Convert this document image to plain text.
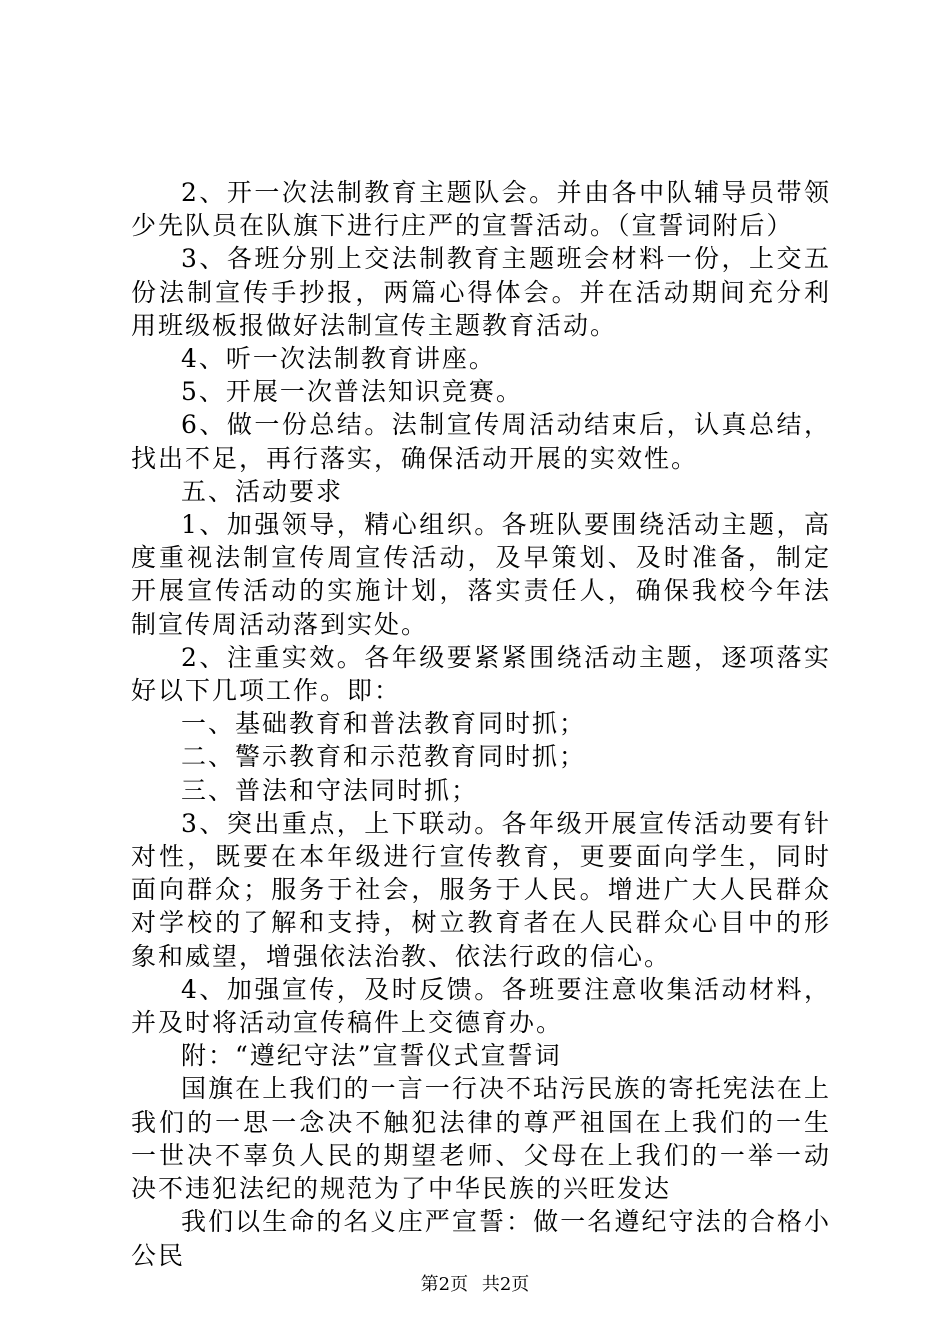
2、开一次法制教育主题队会。并由各中队辅导员带领少先队员在队旗下进行庄严的宣誓活动。（宣誓词附后）

3、各班分别上交法制教育主题班会材料一份，上交五份法制宣传手抄报，两篇心得体会。并在活动期间充分利用班级板报做好法制宣传主题教育活动。

4、听一次法制教育讲座。

5、开展一次普法知识竞赛。

6、做一份总结。法制宣传周活动结束后，认真总结，找出不足，再行落实，确保活动开展的实效性。

五、活动要求

1、加强领导，精心组织。各班队要围绕活动主题，高度重视法制宣传周宣传活动，及早策划、及时准备，制定开展宣传活动的实施计划，落实责任人，确保我校今年法制宣传周活动落到实处。

2、注重实效。各年级要紧紧围绕活动主题，逐项落实好以下几项工作。即：

一、基础教育和普法教育同时抓；

二、警示教育和示范教育同时抓；

三、普法和守法同时抓；

3、突出重点，上下联动。各年级开展宣传活动要有针对性，既要在本年级进行宣传教育，更要面向学生，同时面向群众；服务于社会，服务于人民。增进广大人民群众对学校的了解和支持，树立教育者在人民群众心目中的形象和威望，增强依法治教、依法行政的信心。

4、加强宣传，及时反馈。各班要注意收集活动材料，并及时将活动宣传稿件上交德育办。

附：“遵纪守法”宣誓仪式宣誓词

国旗在上我们的一言一行决不玷污民族的寄托宪法在上我们的一思一念决不触犯法律的尊严祖国在上我们的一生一世决不辜负人民的期望老师、父母在上我们的一举一动决不违犯法纪的规范为了中华民族的兴旺发达

我们以生命的名义庄严宣誓：做一名遵纪守法的合格小公民

第2页 共2页
